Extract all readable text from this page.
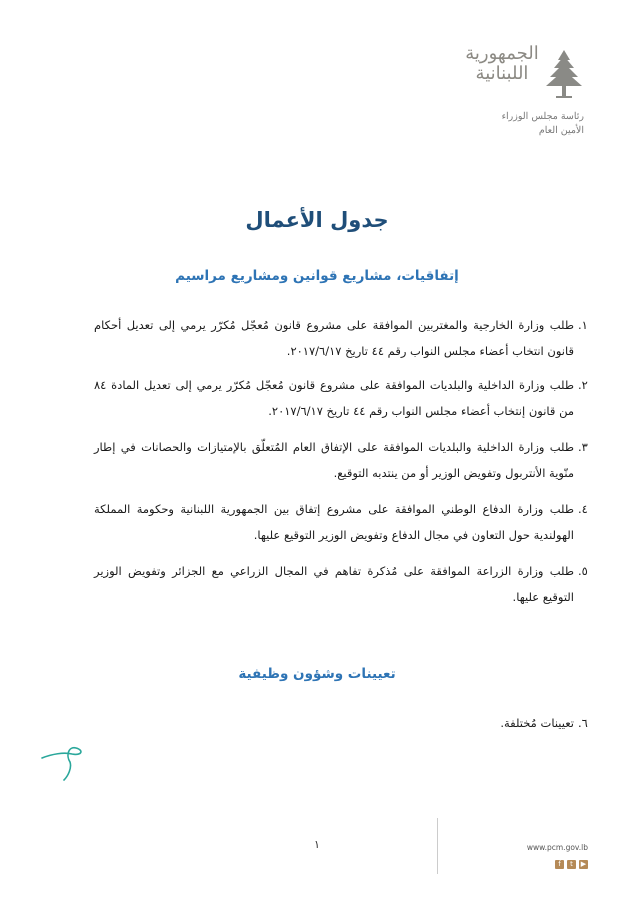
الجمهورية
اللبنانية
رئاسة مجلس الوزراء
الأمين العام
جدول الأعمال
إتفاقيات، مشاريع قوانين ومشاريع مراسيم
١.
طلب وزارة الخارجية والمغتربين الموافقة على مشروع قانون مُعجّل مُكرّر يرمي إلى تعديل أحكام قانون انتخاب أعضاء مجلس النواب رقم ٤٤ تاريخ ٢٠١٧/٦/١٧.
٢.
طلب وزارة الداخلية والبلديات الموافقة على مشروع قانون مُعجّل مُكرّر يرمي إلى تعديل المادة ٨٤ من قانون إنتخاب أعضاء مجلس النواب رقم ٤٤ تاريخ ٢٠١٧/٦/١٧.
٣.
طلب وزارة الداخلية والبلديات الموافقة على الإتفاق العام المُتعلّق بالإمتيازات والحصانات في إطار منّوية الأنتربول وتفويض الوزير أو من ينتدبه التوقيع.
٤.
طلب وزارة الدفاع الوطني الموافقة على مشروع إتفاق بين الجمهورية اللبنانية وحكومة المملكة الهولندية حول التعاون في مجال الدفاع وتفويض الوزير التوقيع عليها.
٥.
طلب وزارة الزراعة الموافقة على مُذكرة تفاهم في المجال الزراعي مع الجزائر وتفويض الوزير التوقيع عليها.
تعيينات وشؤون وظيفية
٦.
تعيينات مُختلفة.
١	www.pcm.gov.lb
f	t	▶
